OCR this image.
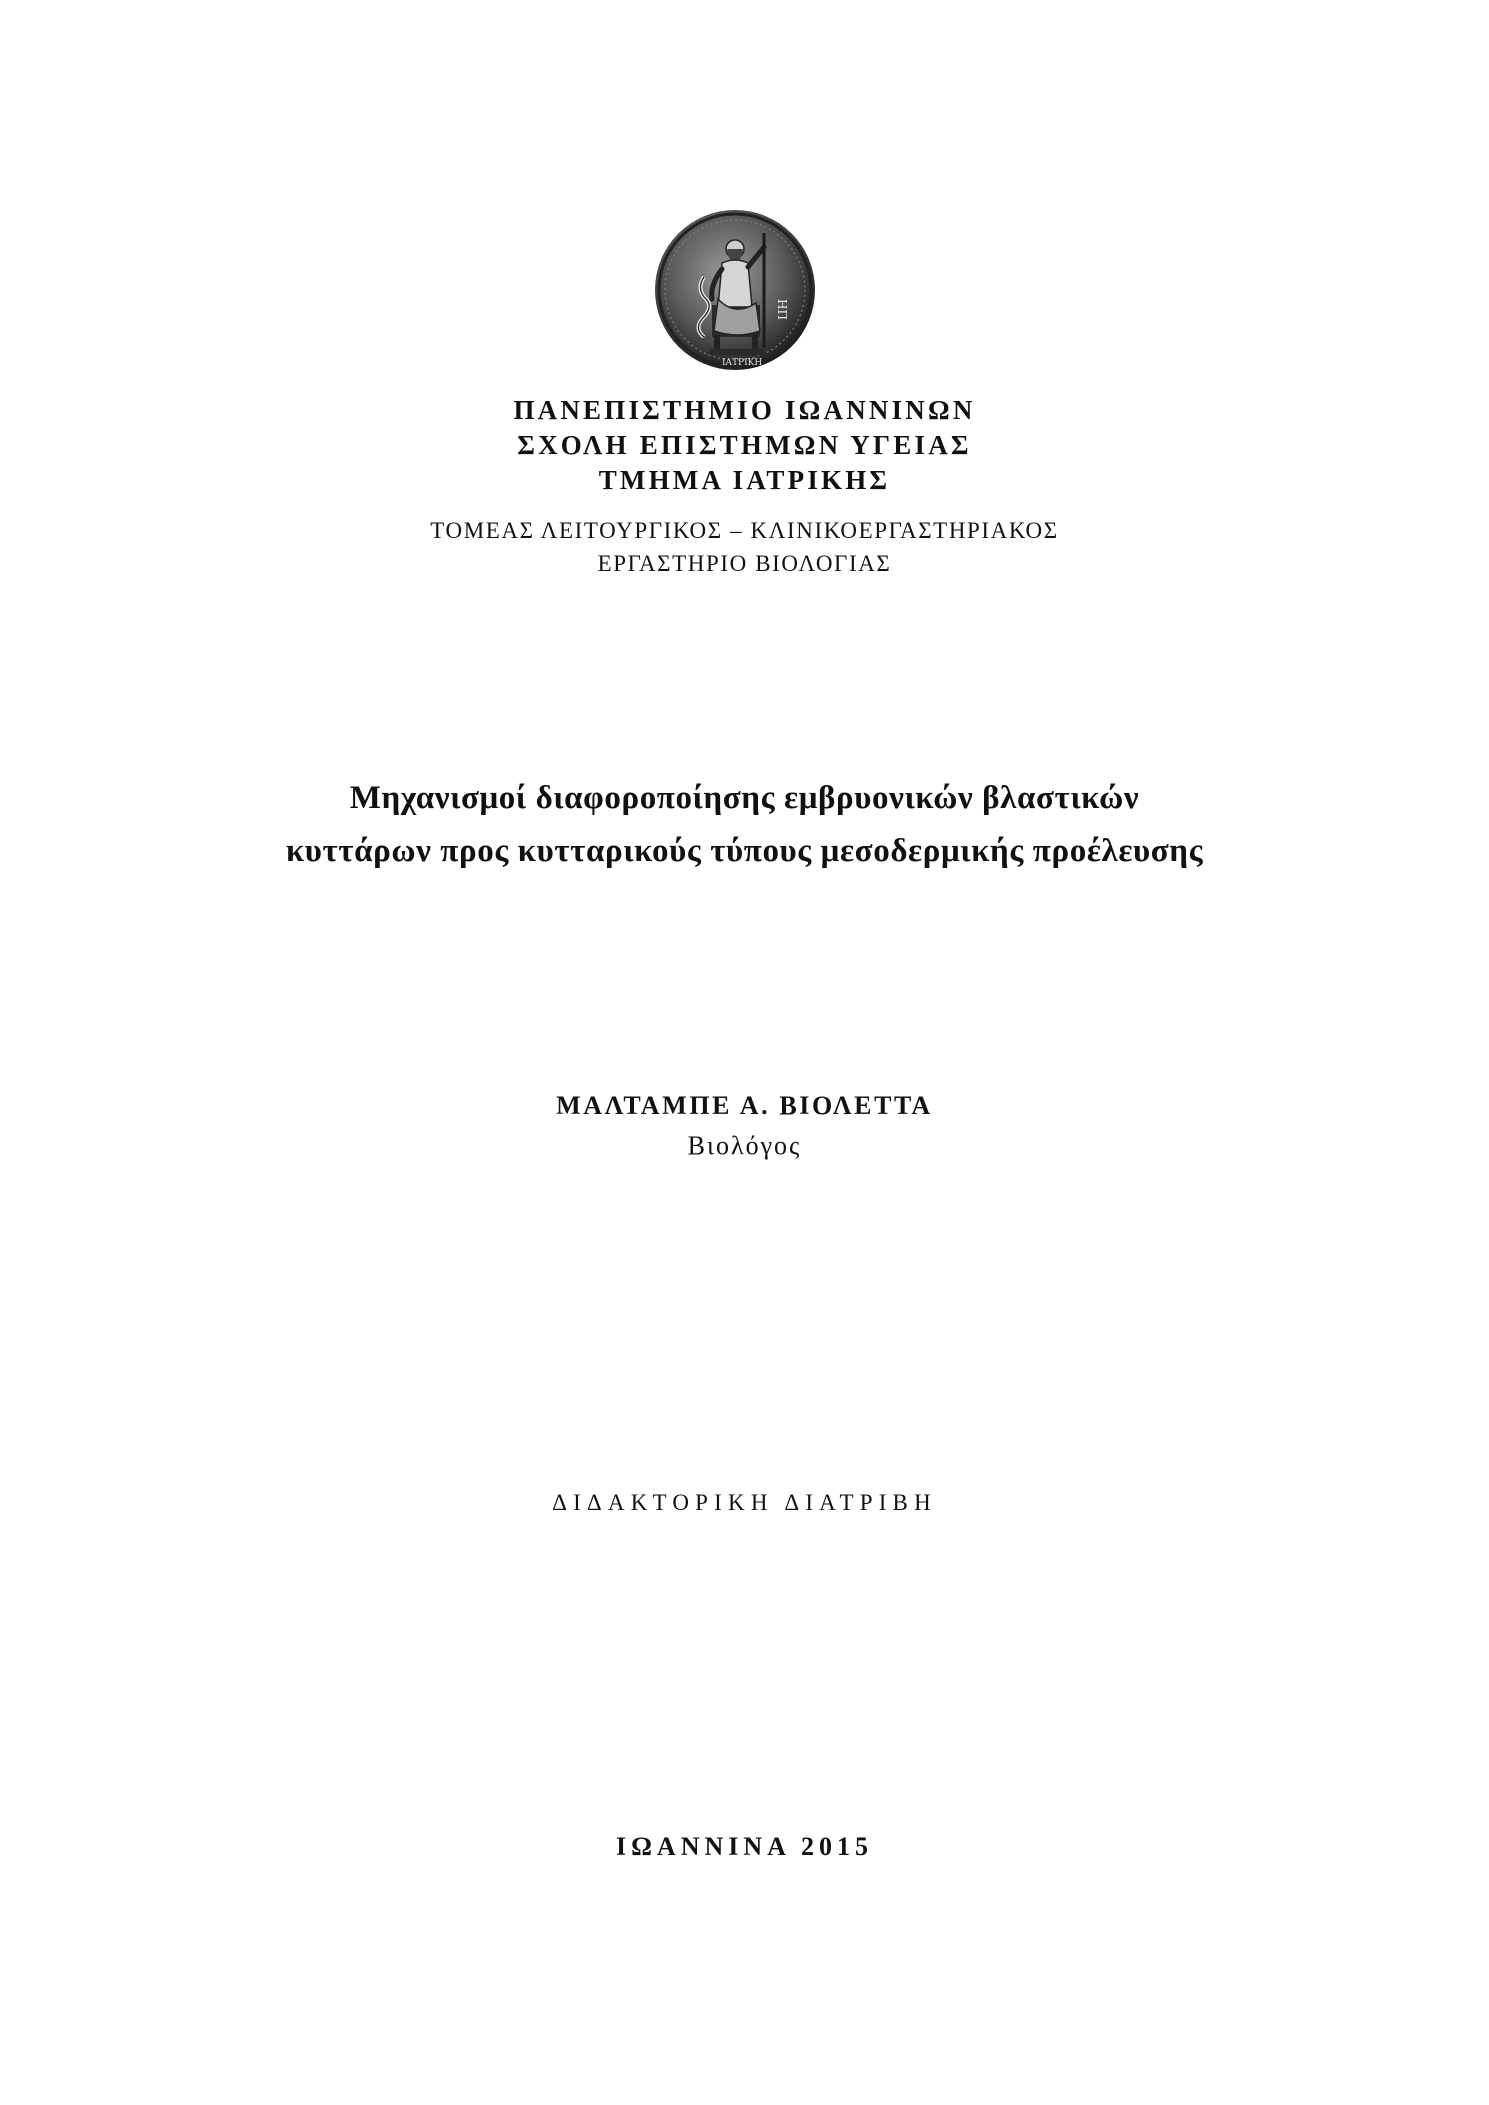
ΗΠ
ΙΑΤΡΙΚΗ

ΠΑΝΕΠΙΣΤΗΜΙΟ ΙΩΑΝΝΙΝΩΝ

ΣΧΟΛΗ ΕΠΙΣΤΗΜΩΝ ΥΓΕΙΑΣ

ΤΜΗΜΑ ΙΑΤΡΙΚΗΣ

ΤΟΜΕΑΣ ΛΕΙΤΟΥΡΓΙΚΟΣ – ΚΛΙΝΙΚΟΕΡΓΑΣΤΗΡΙΑΚΟΣ

ΕΡΓΑΣΤΗΡΙΟ ΒΙΟΛΟΓΙΑΣ

Μηχανισμοί διαφοροποίησης εμβρυονικών βλαστικών

κυττάρων προς κυτταρικούς τύπους μεσοδερμικής προέλευσης

ΜΑΛΤΑΜΠΕ Α. ΒΙΟΛΕΤΤΑ

Βιολόγος

ΔΙΔΑΚΤΟΡΙΚΗ ΔΙΑΤΡΙΒΗ

ΙΩΑΝΝΙΝΑ 2015
